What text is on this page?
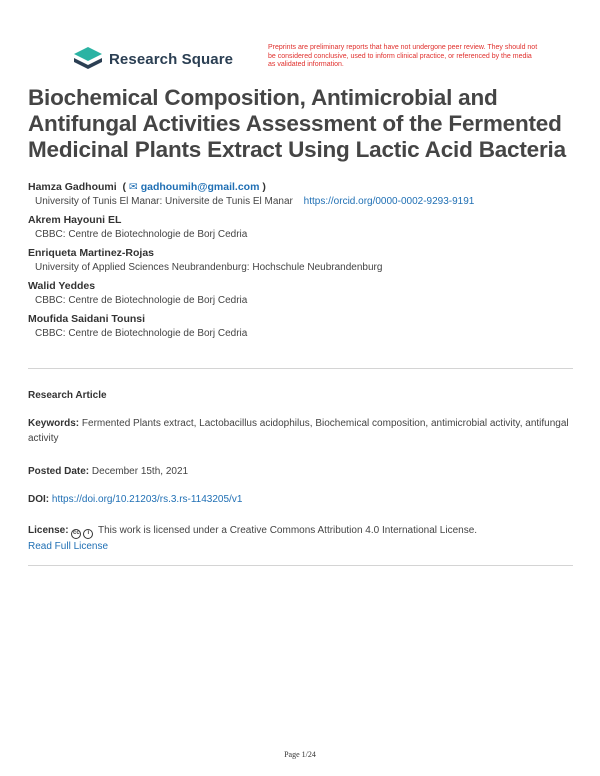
Research Square
Preprints are preliminary reports that have not undergone peer review. They should not be considered conclusive, used to inform clinical practice, or referenced by the media as validated information.
Biochemical Composition, Antimicrobial and Antifungal Activities Assessment of the Fermented Medicinal Plants Extract Using Lactic Acid Bacteria
Hamza Gadhoumi  ( ✉ gadhoumih@gmail.com )
University of Tunis El Manar: Universite de Tunis El Manar https://orcid.org/0000-0002-9293-9191
Akrem Hayouni EL
CBBC: Centre de Biotechnologie de Borj Cedria
Enriqueta Martinez-Rojas
University of Applied Sciences Neubrandenburg: Hochschule Neubrandenburg
Walid Yeddes
CBBC: Centre de Biotechnologie de Borj Cedria
Moufida Saidani Tounsi
CBBC: Centre de Biotechnologie de Borj Cedria
Research Article
Keywords: Fermented Plants extract, Lactobacillus acidophilus, Biochemical composition, antimicrobial activity, antifungal activity
Posted Date: December 15th, 2021
DOI: https://doi.org/10.21203/rs.3.rs-1143205/v1
License: cc i This work is licensed under a Creative Commons Attribution 4.0 International License.
Read Full License
Page 1/24
